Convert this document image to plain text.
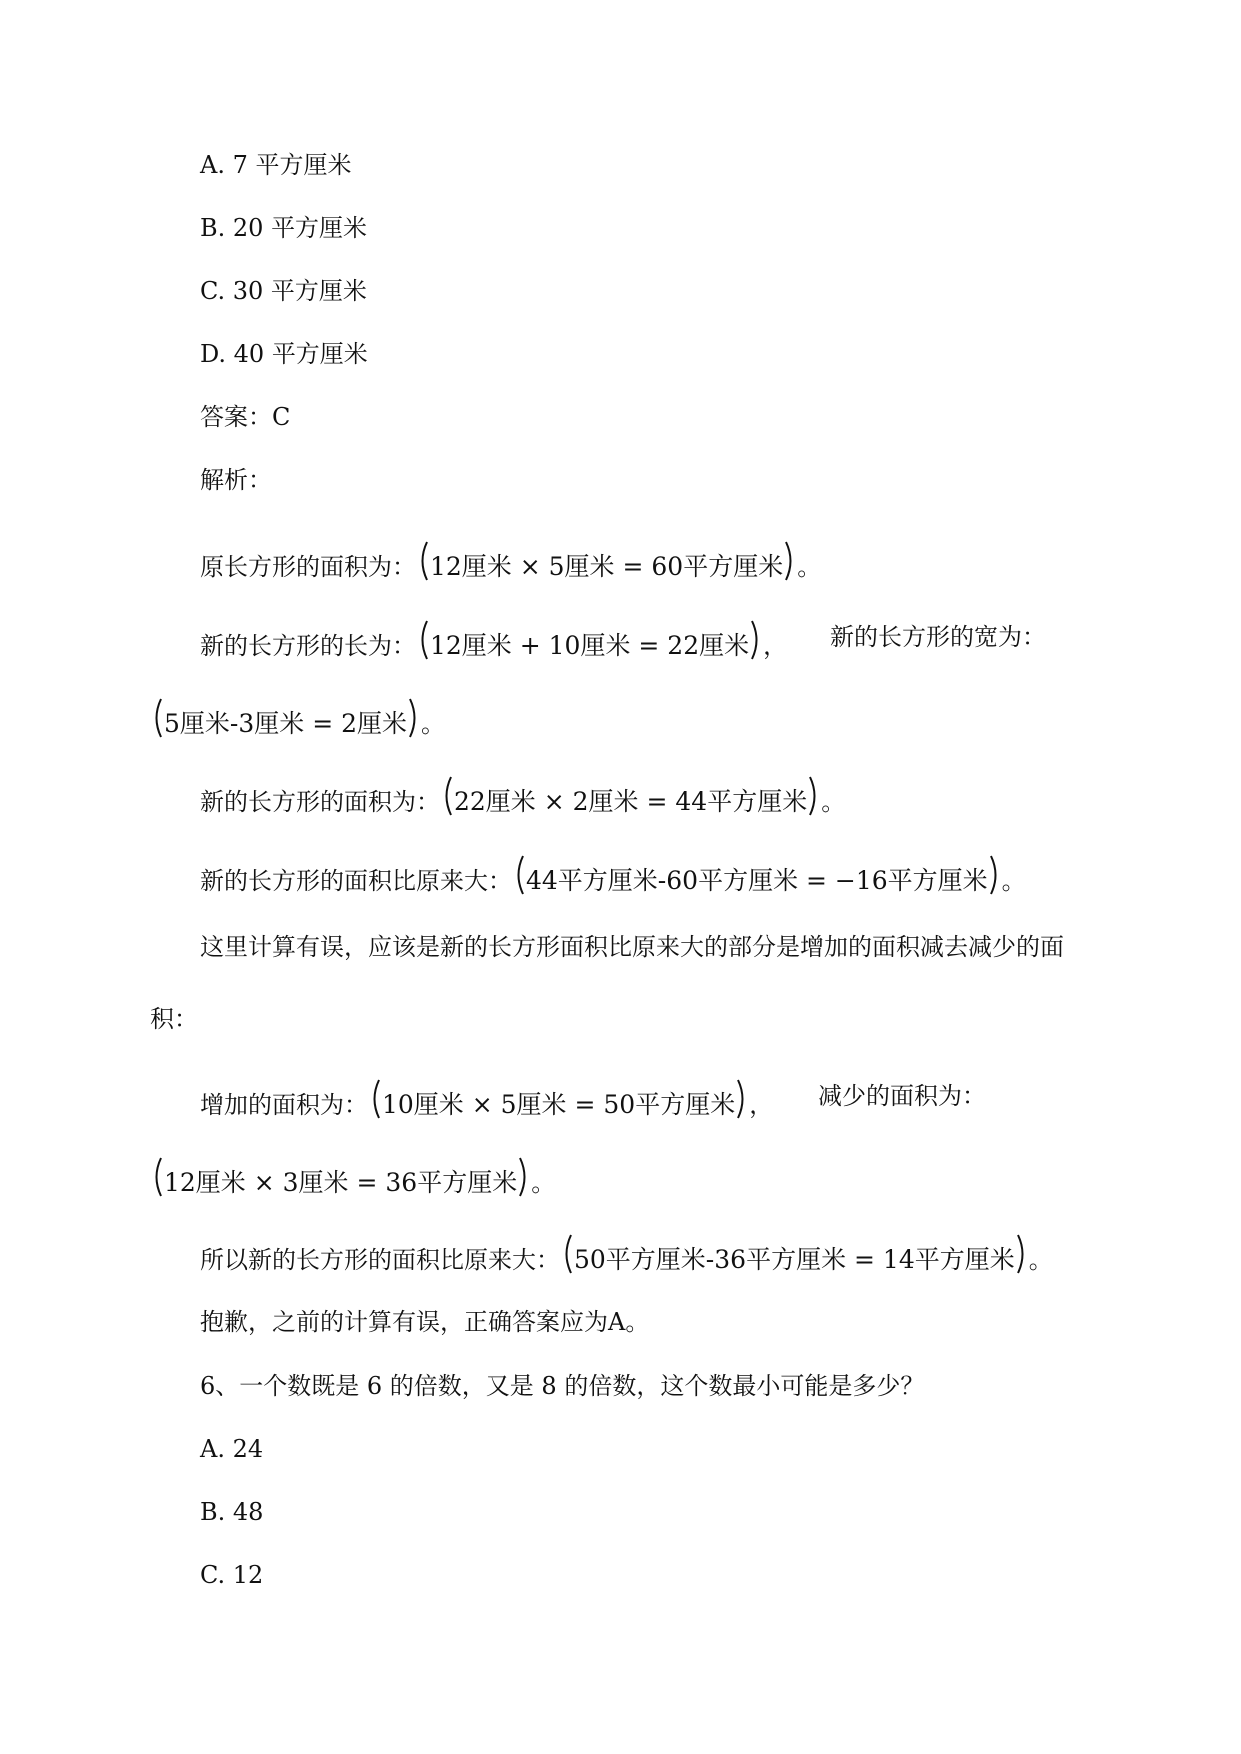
A. 7 平方厘米
B. 20 平方厘米
C. 30 平方厘米
D. 40 平方厘米
答案：C
解析：
原长方形的面积为： 12厘米 × 5厘米 = 60平方厘米 。
新的长方形的长为： 12厘米 + 10厘米 = 22厘米 ， 新的长方形的宽为：
5厘米-3厘米 = 2厘米 。
新的长方形的面积为： 22厘米 × 2厘米 = 44平方厘米 。
新的长方形的面积比原来大： 44平方厘米-60平方厘米 = −16平方厘米 。
这里计算有误，应该是新的长方形面积比原来大的部分是增加的面积减去减少的面
积：
增加的面积为： 10厘米 × 5厘米 = 50平方厘米 ， 减少的面积为：
12厘米 × 3厘米 = 36平方厘米 。
所以新的长方形的面积比原来大： 50平方厘米-36平方厘米 = 14平方厘米 。
抱歉，之前的计算有误，正确答案应为A。
6、一个数既是 6 的倍数，又是 8 的倍数，这个数最小可能是多少？
A. 24
B. 48
C. 12
